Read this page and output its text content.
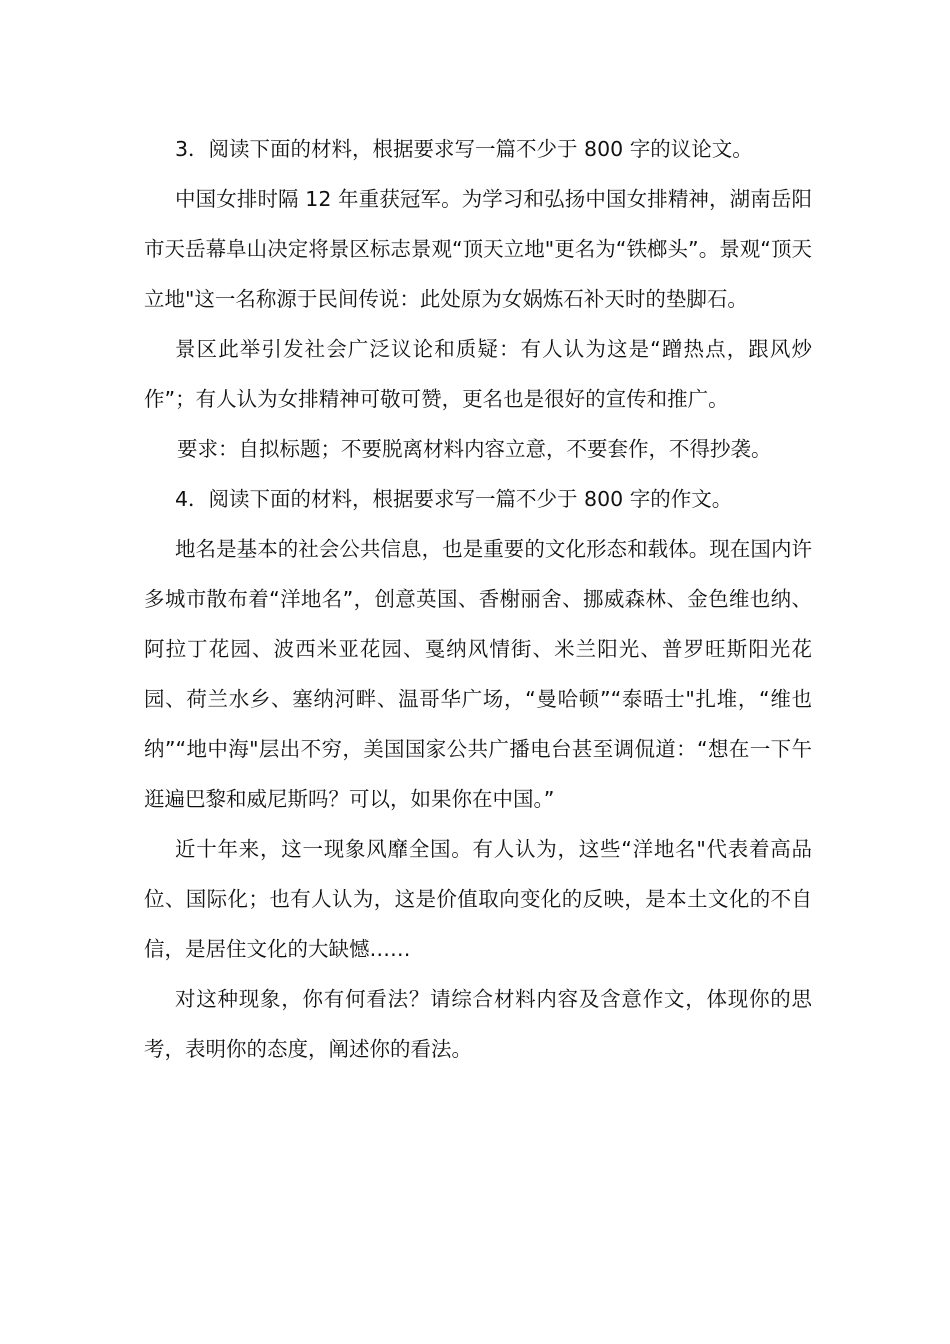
3．阅读下面的材料，根据要求写一篇不少于 800 字的议论文。

中国女排时隔 12 年重获冠军。为学习和弘扬中国女排精神，湖南岳阳市天岳幕阜山决定将景区标志景观“顶天立地"更名为“铁榔头”。景观“顶天立地"这一名称源于民间传说：此处原为女娲炼石补天时的垫脚石。

景区此举引发社会广泛议论和质疑：有人认为这是“蹭热点，跟风炒作”；有人认为女排精神可敬可赞，更名也是很好的宣传和推广。

要求：自拟标题；不要脱离材料内容立意，不要套作，不得抄袭。

4．阅读下面的材料，根据要求写一篇不少于 800 字的作文。

地名是基本的社会公共信息，也是重要的文化形态和载体。现在国内许多城市散布着“洋地名”，创意英国、香榭丽舍、挪威森林、金色维也纳、阿拉丁花园、波西米亚花园、戛纳风情街、米兰阳光、普罗旺斯阳光花园、荷兰水乡、塞纳河畔、温哥华广场，“曼哈顿”“泰晤士"扎堆，“维也纳”“地中海"层出不穷，美国国家公共广播电台甚至调侃道：“想在一下午逛遍巴黎和威尼斯吗？可以，如果你在中国。”

近十年来，这一现象风靡全国。有人认为，这些“洋地名"代表着高品位、国际化；也有人认为，这是价值取向变化的反映，是本土文化的不自信，是居住文化的大缺憾……

对这种现象，你有何看法？请综合材料内容及含意作文，体现你的思考，表明你的态度，阐述你的看法。
